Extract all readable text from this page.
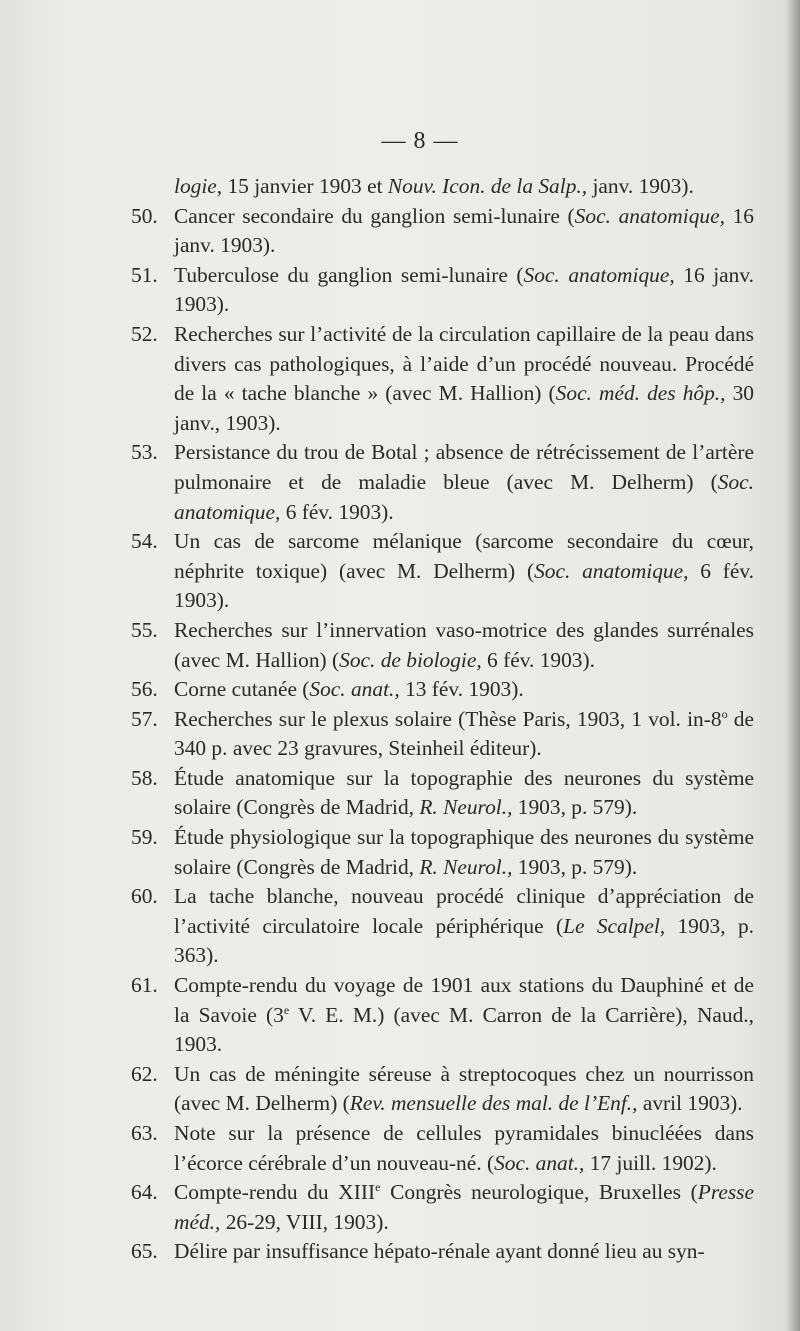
— 8 —
logie, 15 janvier 1903 et Nouv. Icon. de la Salp., janv. 1903).
50. Cancer secondaire du ganglion semi-lunaire (Soc. anatomique, 16 janv. 1903).
51. Tuberculose du ganglion semi-lunaire (Soc. anatomique, 16 janv. 1903).
52. Recherches sur l’activité de la circulation capillaire de la peau dans divers cas pathologiques, à l’aide d’un procédé nouveau. Procédé de la « tache blanche » (avec M. Hallion) (Soc. méd. des hôp., 30 janv., 1903).
53. Persistance du trou de Botal ; absence de rétrécissement de l’artère pulmonaire et de maladie bleue (avec M. Delherm) (Soc. anatomique, 6 fév. 1903).
54. Un cas de sarcome mélanique (sarcome secondaire du cœur, néphrite toxique) (avec M. Delherm) (Soc. anatomique, 6 fév. 1903).
55. Recherches sur l’innervation vaso-motrice des glandes surrénales (avec M. Hallion) (Soc. de biologie, 6 fév. 1903).
56. Corne cutanée (Soc. anat., 13 fév. 1903).
57. Recherches sur le plexus solaire (Thèse Paris, 1903, 1 vol. in-8$^o$ de 340 p. avec 23 gravures, Steinheil éditeur).
58. Étude anatomique sur la topographie des neurones du système solaire (Congrès de Madrid, R. Neurol., 1903, p. 579).
59. Étude physiologique sur la topographique des neurones du système solaire (Congrès de Madrid, R. Neurol., 1903, p. 579).
60. La tache blanche, nouveau procédé clinique d’appréciation de l’activité circulatoire locale périphérique (Le Scalpel, 1903, p. 363).
61. Compte-rendu du voyage de 1901 aux stations du Dauphiné et de la Savoie (3e V. E. M.) (avec M. Carron de la Carrière), Naud., 1903.
62. Un cas de méningite séreuse à streptocoques chez un nourrisson (avec M. Delherm) (Rev. mensuelle des mal. de l’Enf., avril 1903).
63. Note sur la présence de cellules pyramidales binucléées dans l’écorce cérébrale d’un nouveau-né. (Soc. anat., 17 juill. 1902).
64. Compte-rendu du XIIIe Congrès neurologique, Bruxelles (Presse méd., 26-29, VIII, 1903).
65. Délire par insuffisance hépato-rénale ayant donné lieu au syn-
